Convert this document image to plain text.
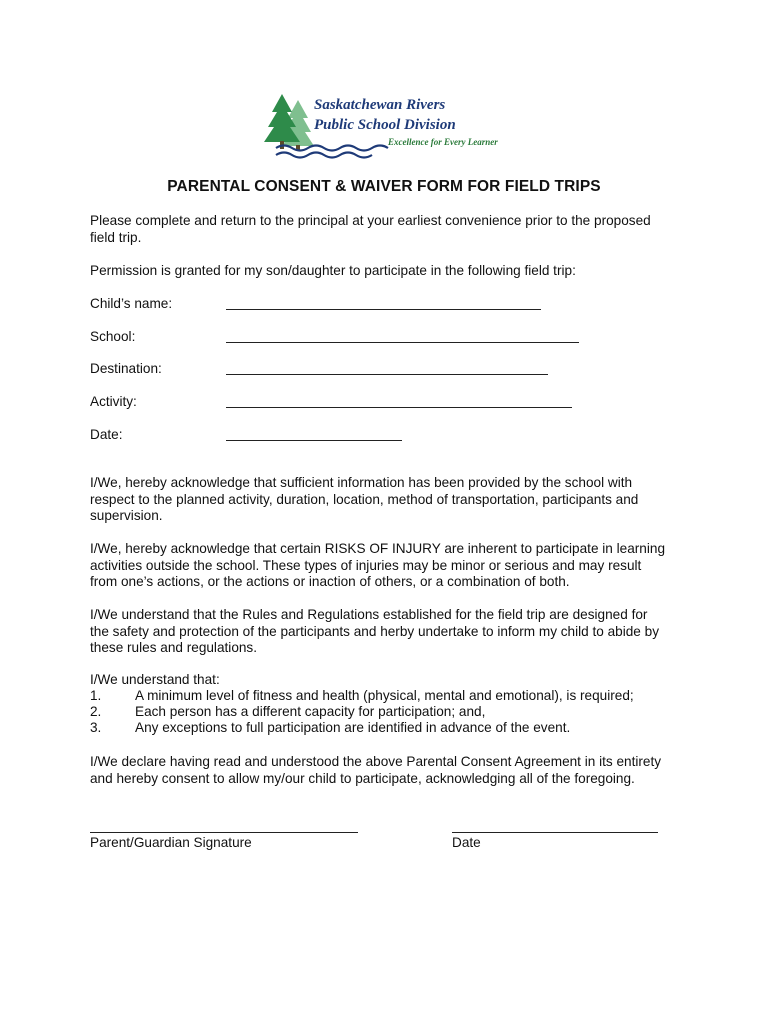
Saskatchewan Rivers
Public School Division
Excellence for Every Learner
PARENTAL CONSENT & WAIVER FORM FOR FIELD TRIPS
Please complete and return to the principal at your earliest convenience prior to the proposed
field trip.
Permission is granted for my son/daughter to participate in the following field trip:
Child’s name:
School:
Destination:
Activity:
Date:
I/We, hereby acknowledge that sufficient information has been provided by the school with
respect to the planned activity, duration, location, method of transportation, participants and
supervision.
I/We, hereby acknowledge that certain RISKS OF INJURY are inherent to participate in learning
activities outside the school. These types of injuries may be minor or serious and may result
from one’s actions, or the actions or inaction of others, or a combination of both.
I/We understand that the Rules and Regulations established for the field trip are designed for
the safety and protection of the participants and herby undertake to inform my child to abide by
these rules and regulations.
I/We understand that:
1. A minimum level of fitness and health (physical, mental and emotional), is required;
2. Each person has a different capacity for participation; and,
3. Any exceptions to full participation are identified in advance of the event.
I/We declare having read and understood the above Parental Consent Agreement in its entirety
and hereby consent to allow my/our child to participate, acknowledging all of the foregoing.
Parent/Guardian Signature	Date
